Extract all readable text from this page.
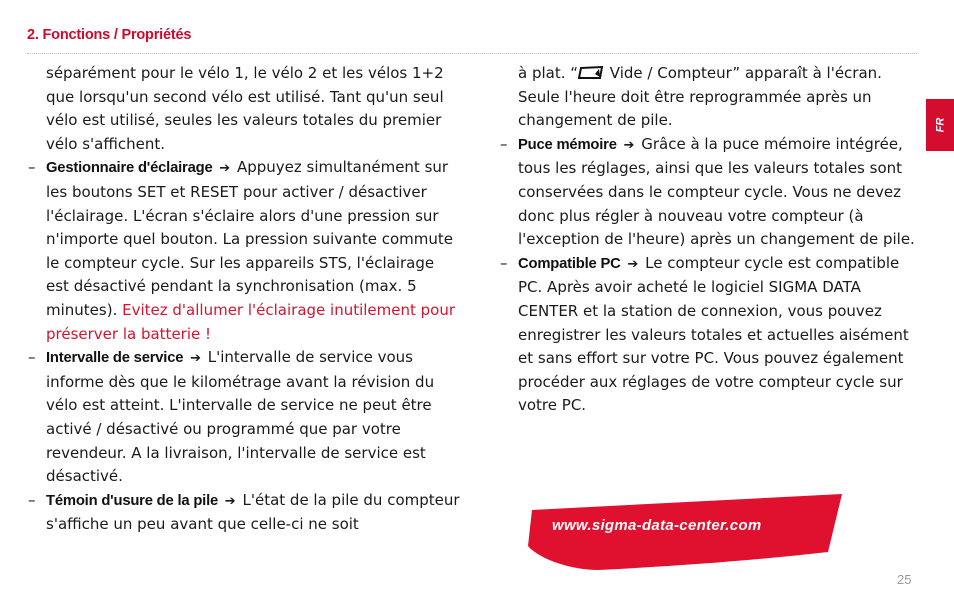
2. Fonctions / Propriétés
FR

séparément pour le vélo 1, le vélo 2 et les vélos 1+2 que lorsqu'un second vélo est utilisé. Tant qu'un seul vélo est utilisé, seules les valeurs totales du premier vélo s'affichent.

– Gestionnaire d'éclairage ➔ Appuyez simultanément sur les boutons SET et RESET pour activer / désactiver l'éclairage. L'écran s'éclaire alors d'une pression sur n'importe quel bouton. La pression suivante commute le compteur cycle. Sur les appareils STS, l'éclairage est désactivé pendant la synchronisation (max. 5 minutes). Evitez d'allumer l'éclairage inutilement pour préserver la batterie !

– Intervalle de service ➔ L'intervalle de service vous informe dès que le kilométrage avant la révision du vélo est atteint. L'intervalle de service ne peut être activé / désactivé ou programmé que par votre revendeur. A la livraison, l'intervalle de service est désactivé.

– Témoin d'usure de la pile ➔ L'état de la pile du compteur s'affiche un peu avant que celle-ci ne soit

à plat. “ Vide / Compteur” apparaît à l'écran. Seule l'heure doit être reprogrammée après un changement de pile.

– Puce mémoire ➔ Grâce à la puce mémoire intégrée, tous les réglages, ainsi que les valeurs totales sont conservées dans le compteur cycle. Vous ne devez donc plus régler à nouveau votre compteur (à l'exception de l'heure) après un changement de pile.

– Compatible PC ➔ Le compteur cycle est compatible PC. Après avoir acheté le logiciel SIGMA DATA CENTER et la station de connexion, vous pouvez enregistrer les valeurs totales et actuelles aisément et sans effort sur votre PC. Vous pouvez également procéder aux réglages de votre compteur cycle sur votre PC.

www.sigma-data-center.com
25
